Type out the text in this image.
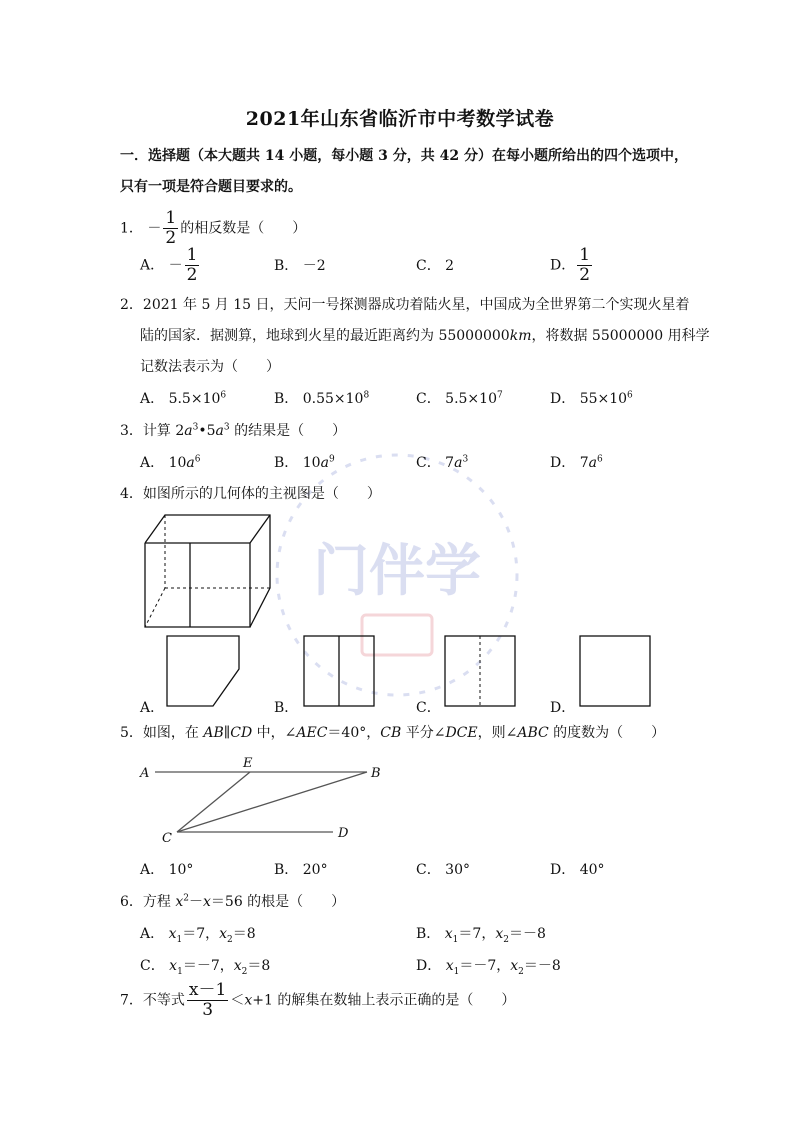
门伴学
2021年山东省临沂市中考数学试卷
一．选择题（本大题共 14 小题，每小题 3 分，共 42 分）在每小题所给出的四个选项中，
只有一项是符合题目要求的。
1． － $\frac{1}{2}$ 的相反数是（　　）
A． － $\frac{1}{2}$	B． －2	C． 2	D． $\frac{1}{2}$
2．2021 年 5 月 15 日，天问一号探测器成功着陆火星，中国成为全世界第二个实现火星着
陆的国家．据测算，地球到火星的最近距离约为 55000000km，将数据 55000000 用科学
记数法表示为（　　）
A． $5.5\times 10^6$	B． $0.55\times 10^8$	C． $5.5\times 10^7$	D． $55\times 10^6$
3．计算 $2a^3•5a^3$ 的结果是（　　）
A． $10a^6$	B． $10a^9$	C． $7a^3$	D． $7a^6$
4．如图所示的几何体的主视图是（　　）
A．	B．	C．	D．
5．如图，在 AB∥CD 中，∠AEC＝40°，CB 平分∠DCE，则∠ABC 的度数为（　　）
A
E
B
C	D
A． 10°	B． 20°	C． 30°	D． 40°
6．方程 $x^2-x=56$ 的根是（　　）
A． $x_1=7$，$x_2=8$	B． $x_1=7$，$x_2=-8$
C． $x_1=-7$，$x_2=8$	D． $x_1=-7$，$x_2=-8$
7．不等式 $\frac{x-1}{3} <x+1$ 的解集在数轴上表示正确的是（　　）
